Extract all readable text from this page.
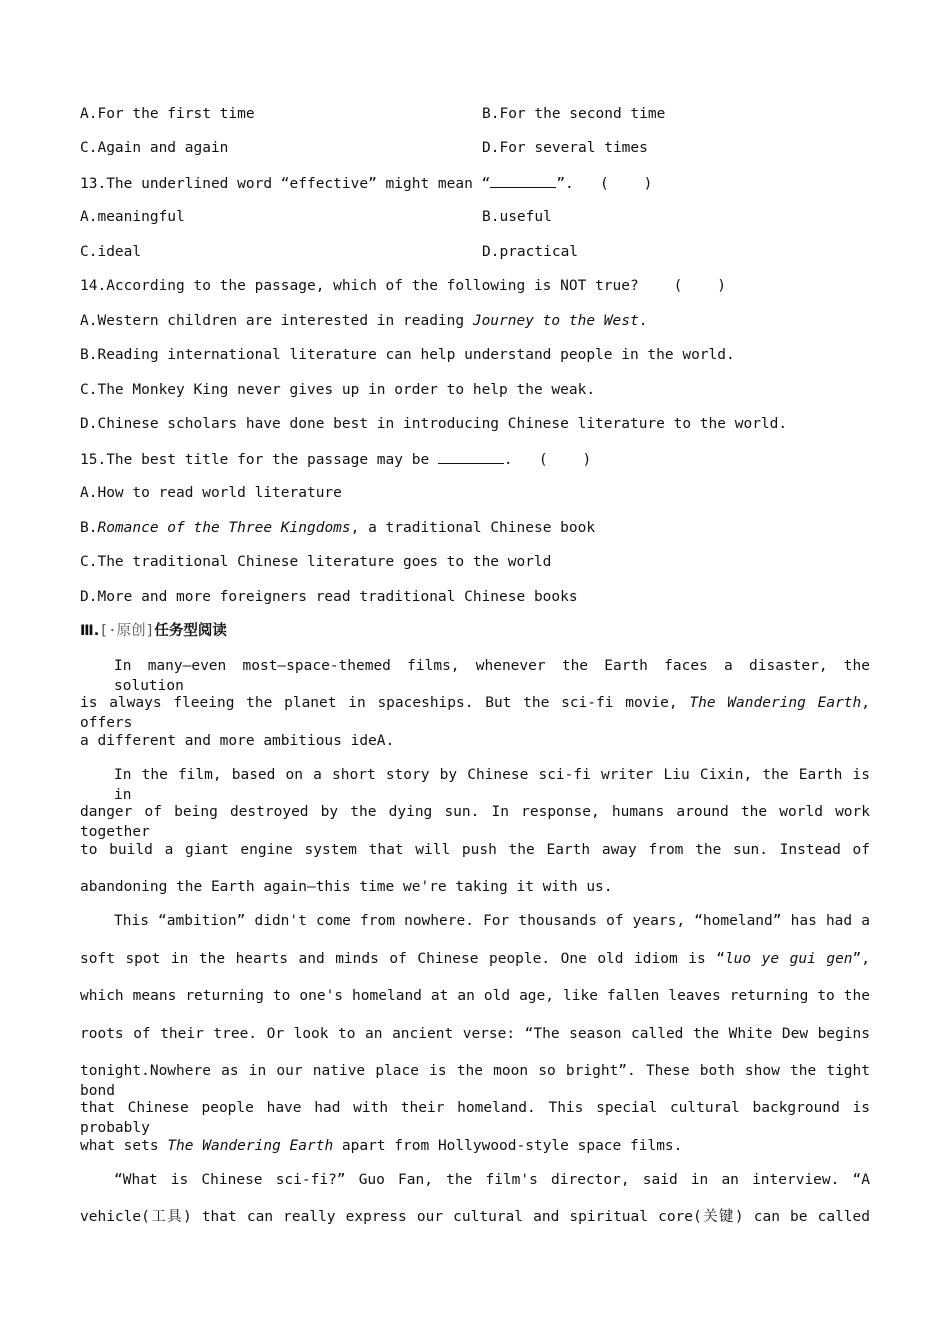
A.For the first time	B.For the second time
C.Again and again	D.For several times
13.The underlined word “effective” might mean “	”. (    )
A.meaningful	B.useful
C.ideal	D.practical
14.According to the passage, which of the following is NOT true? (    )
A.Western children are interested in reading Journey to the West.
B.Reading international literature can help understand people in the world.
C.The Monkey King never gives up in order to help the weak.
D.Chinese scholars have done best in introducing Chinese literature to the world.
15.The best title for the passage may be	. (    )
A.How to read world literature
B.Romance of the Three Kingdoms, a traditional Chinese book
C.The traditional Chinese literature goes to the world
D.More and more foreigners read traditional Chinese books
Ⅲ.[·原创]任务型阅读
In many—even most—space-themed films, whenever the Earth faces a disaster, the solution
is always fleeing the planet in spaceships. But the sci-fi movie, The Wandering Earth, offers
a different and more ambitious ideA.
In the film, based on a short story by Chinese sci-fi writer Liu Cixin, the Earth is in
danger of being destroyed by the dying sun. In response, humans around the world work together
to build a giant engine system that will push the Earth away from the sun. Instead of
abandoning the Earth again—this time we're taking it with us.
This “ambition” didn't come from nowhere. For thousands of years, “homeland” has had a
soft spot in the hearts and minds of Chinese people. One old idiom is “luo ye gui gen”,
which means returning to one's homeland at an old age, like fallen leaves returning to the
roots of their tree. Or look to an ancient verse: “The season called the White Dew begins
tonight.Nowhere as in our native place is the moon so bright”. These both show the tight bond
that Chinese people have had with their homeland. This special cultural background is probably
what sets The Wandering Earth apart from Hollywood-style space films.
“What is Chinese sci-fi?” Guo Fan, the film's director, said in an interview. “A
vehicle(工具) that can really express our cultural and spiritual core(关键) can be called
